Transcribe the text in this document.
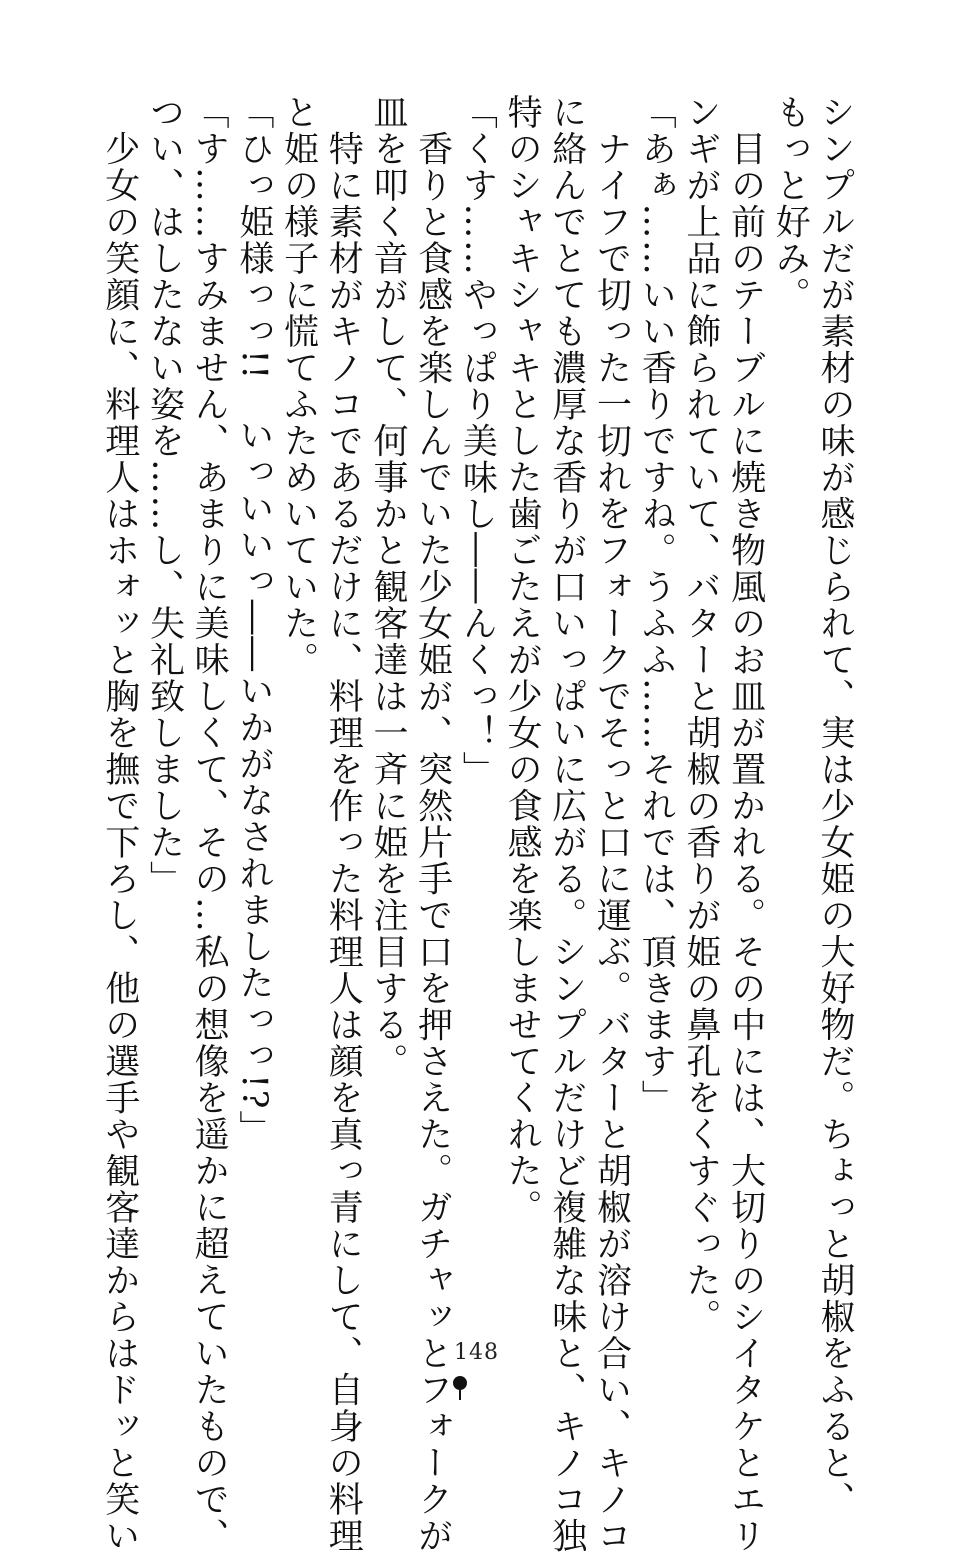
シンプルだが素材の味が感じられて、実は少女姫の大好物だ。ちょっと胡椒をふると、
もっと好み。
　目の前のテーブルに焼き物風のお皿が置かれる。その中には、大切りのシイタケとエリ
ンギが上品に飾られていて、バターと胡椒の香りが姫の鼻孔をくすぐった。
「あぁ……いい香りですね。うふふ……それでは、頂きます」
　ナイフで切った一切れをフォークでそっと口に運ぶ。バターと胡椒が溶け合い、キノコ
に絡んでとても濃厚な香りが口いっぱいに広がる。シンプルだけど複雑な味と、キノコ独
特のシャキシャキとした歯ごたえが少女の食感を楽しませてくれた。
「くす……やっぱり美味し――んくっ！」
　香りと食感を楽しんでいた少女姫が、突然片手で口を押さえた。ガチャッとフォークが
皿を叩く音がして、何事かと観客達は一斉に姫を注目する。
　特に素材がキノコであるだけに、料理を作った料理人は顔を真っ青にして、自身の料理
と姫の様子に慌てふためいていた。
「ひっ姫様っっ!!　いっいいっ――いかがなされましたっっ!?」
「す……すみません、あまりに美味しくて、その…私の想像を遥かに超えていたもので、
つい、はしたない姿を……し、失礼致しました」
　少女の笑顔に、料理人はホォッと胸を撫で下ろし、他の選手や観客達からはドッと笑い	148
